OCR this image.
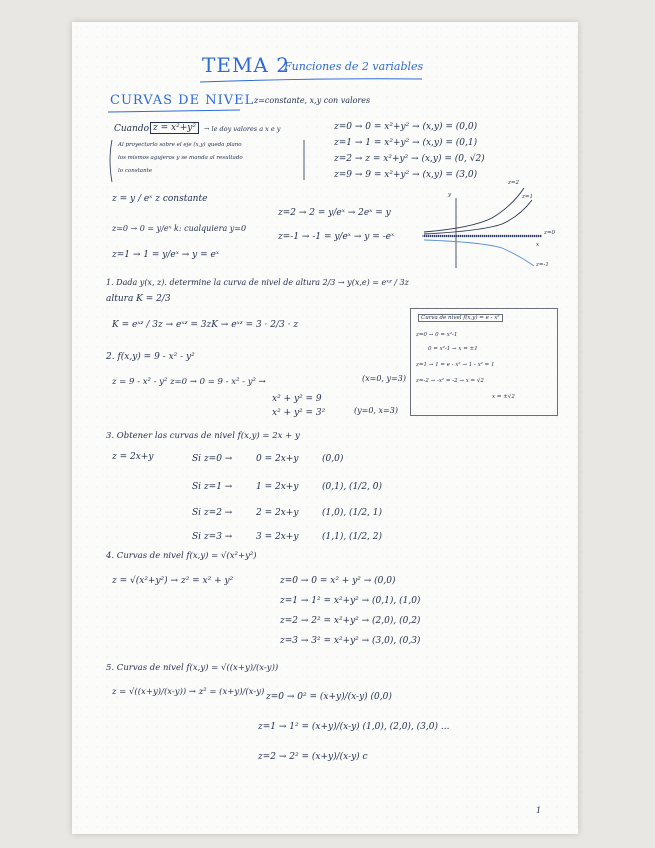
TEMA 2
Funciones de 2 variables
CURVAS DE NIVEL z=constante, x,y con valores
Cuando z = x²+y²	→ le doy valores a x e y
Al proyectarlo sobre el eje (x,y) queda plano
los mismos agujeros y se manda al resultado
lo constante
z=0 → 0 = x²+y² → (x,y) = (0,0)
z=1 → 1 = x²+y² → (x,y) = (0,1)
z=2 → z = x²+y² → (x,y) = (0, √2)
z=9 → 9 = x²+y² → (x,y) = (3,0)
z = y / eˣ z constante
z=0 → 0 = y/eˣ k: cualquiera y=0
z=1 → 1 = y/eˣ → y = eˣ
z=2 → 2 = y/eˣ → 2eˣ = y
z=-1 → -1 = y/eˣ → y = -eˣ
z=2
z=1
z=0
z=-1
x
y
1. Dada y(x, z). determine la curva de nivel de altura 2/3 → y(x,e) = eˣᶻ / 3z
altura K = 2/3
K = eˣᶻ / 3z → eˣᶻ = 3zK → eˣᶻ = 3 · 2/3 · z
2. f(x,y) = 9 - x² - y²
z = 9 - x² - y² z=0 → 0 = 9 - x² - y² →	(x=0, y=3)
x² + y² = 9
x² + y² = 3²	(y=0, x=3)
Curva de nivel f(x,y) = e - x²
z=0 → 0 = x²-1
0 = x²-1 → x = ±1
z=1 → 1 = e - x² → 1 - x² = 1
z=-2 → -x² = -2 → x = √2
x = ±√2
3. Obtener las curvas de nivel f(x,y) = 2x + y
z = 2x+y	Si z=0 →	0 = 2x+y	(0,0)
Si z=1 →	1 = 2x+y	(0,1), (1/2, 0)
Si z=2 →	2 = 2x+y	(1,0), (1/2, 1)
Si z=3 →	3 = 2x+y	(1,1), (1/2, 2)
4. Curvas de nivel f(x,y) = √(x²+y²)
z = √(x²+y²) → z² = x² + y²	z=0 → 0 = x² + y² → (0,0)
z=1 → 1² = x²+y² → (0,1), (1,0)
z=2 → 2² = x²+y² → (2,0), (0,2)
z=3 → 3² = x²+y² → (3,0), (0,3)
5. Curvas de nivel f(x,y) = √((x+y)/(x-y))
z = √((x+y)/(x-y)) → z² = (x+y)/(x-y) z=0 → 0² = (x+y)/(x-y) (0,0)
z=1 → 1² = (x+y)/(x-y) (1,0), (2,0), (3,0) ...
z=2 → 2² = (x+y)/(x-y) c
1
